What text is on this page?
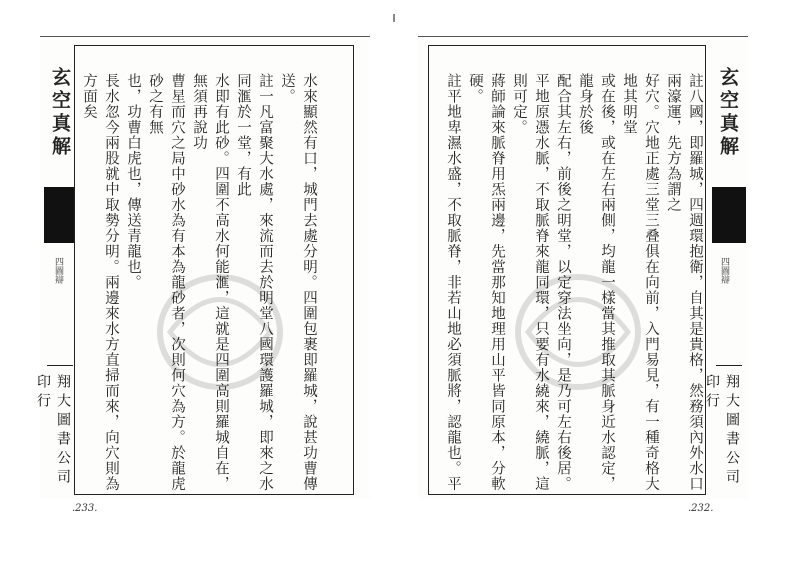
玄空真解
四圖辯
翔大圖書公司印行	水來顯然有口，城門去處分明。四圍包裹即羅城，說甚功曹傳送。

註一凡富聚大水處，來流而去於明堂八國環護羅城，即來之水同滙於一堂，有此

水即有此砂。四圍不高水何能滙，這就是四圍高則羅城自在，無須再說功

曹星而穴之局中砂水為有本為龍砂者，次則何穴為方。於龍虎砂之有無

也，功曹白虎也，傳送青龍也。

長水忽今兩股就中取勢分明。兩邊來水方直掃而來，向穴則為方面矣

.233.
玄空真解
四圖辯
翔大圖書公司印行

註八國，即羅城，四週環抱衛，自其是貴格，然務須內外水口兩濠運，先方為謂之

好穴。穴地正處三堂三叠俱在向前，入門易見，有一種奇格大地其明堂

或在後，或在左右兩側，均龍一樣當其推取其脈身近水認定，龍身於後

配合其左右，前後之明堂，以定穿法坐向，是乃可左右後居。

平地原憑水脈，不取脈脊來龍同環，只要有水繞來，繞脈，這則可定。

蔣師論來脈脊用炁兩邊，先當那知地理用山平皆同原本，分軟硬。

註平地卑濕水盛，不取脈脊，非若山地必須脈將，認龍也。平

.232.
